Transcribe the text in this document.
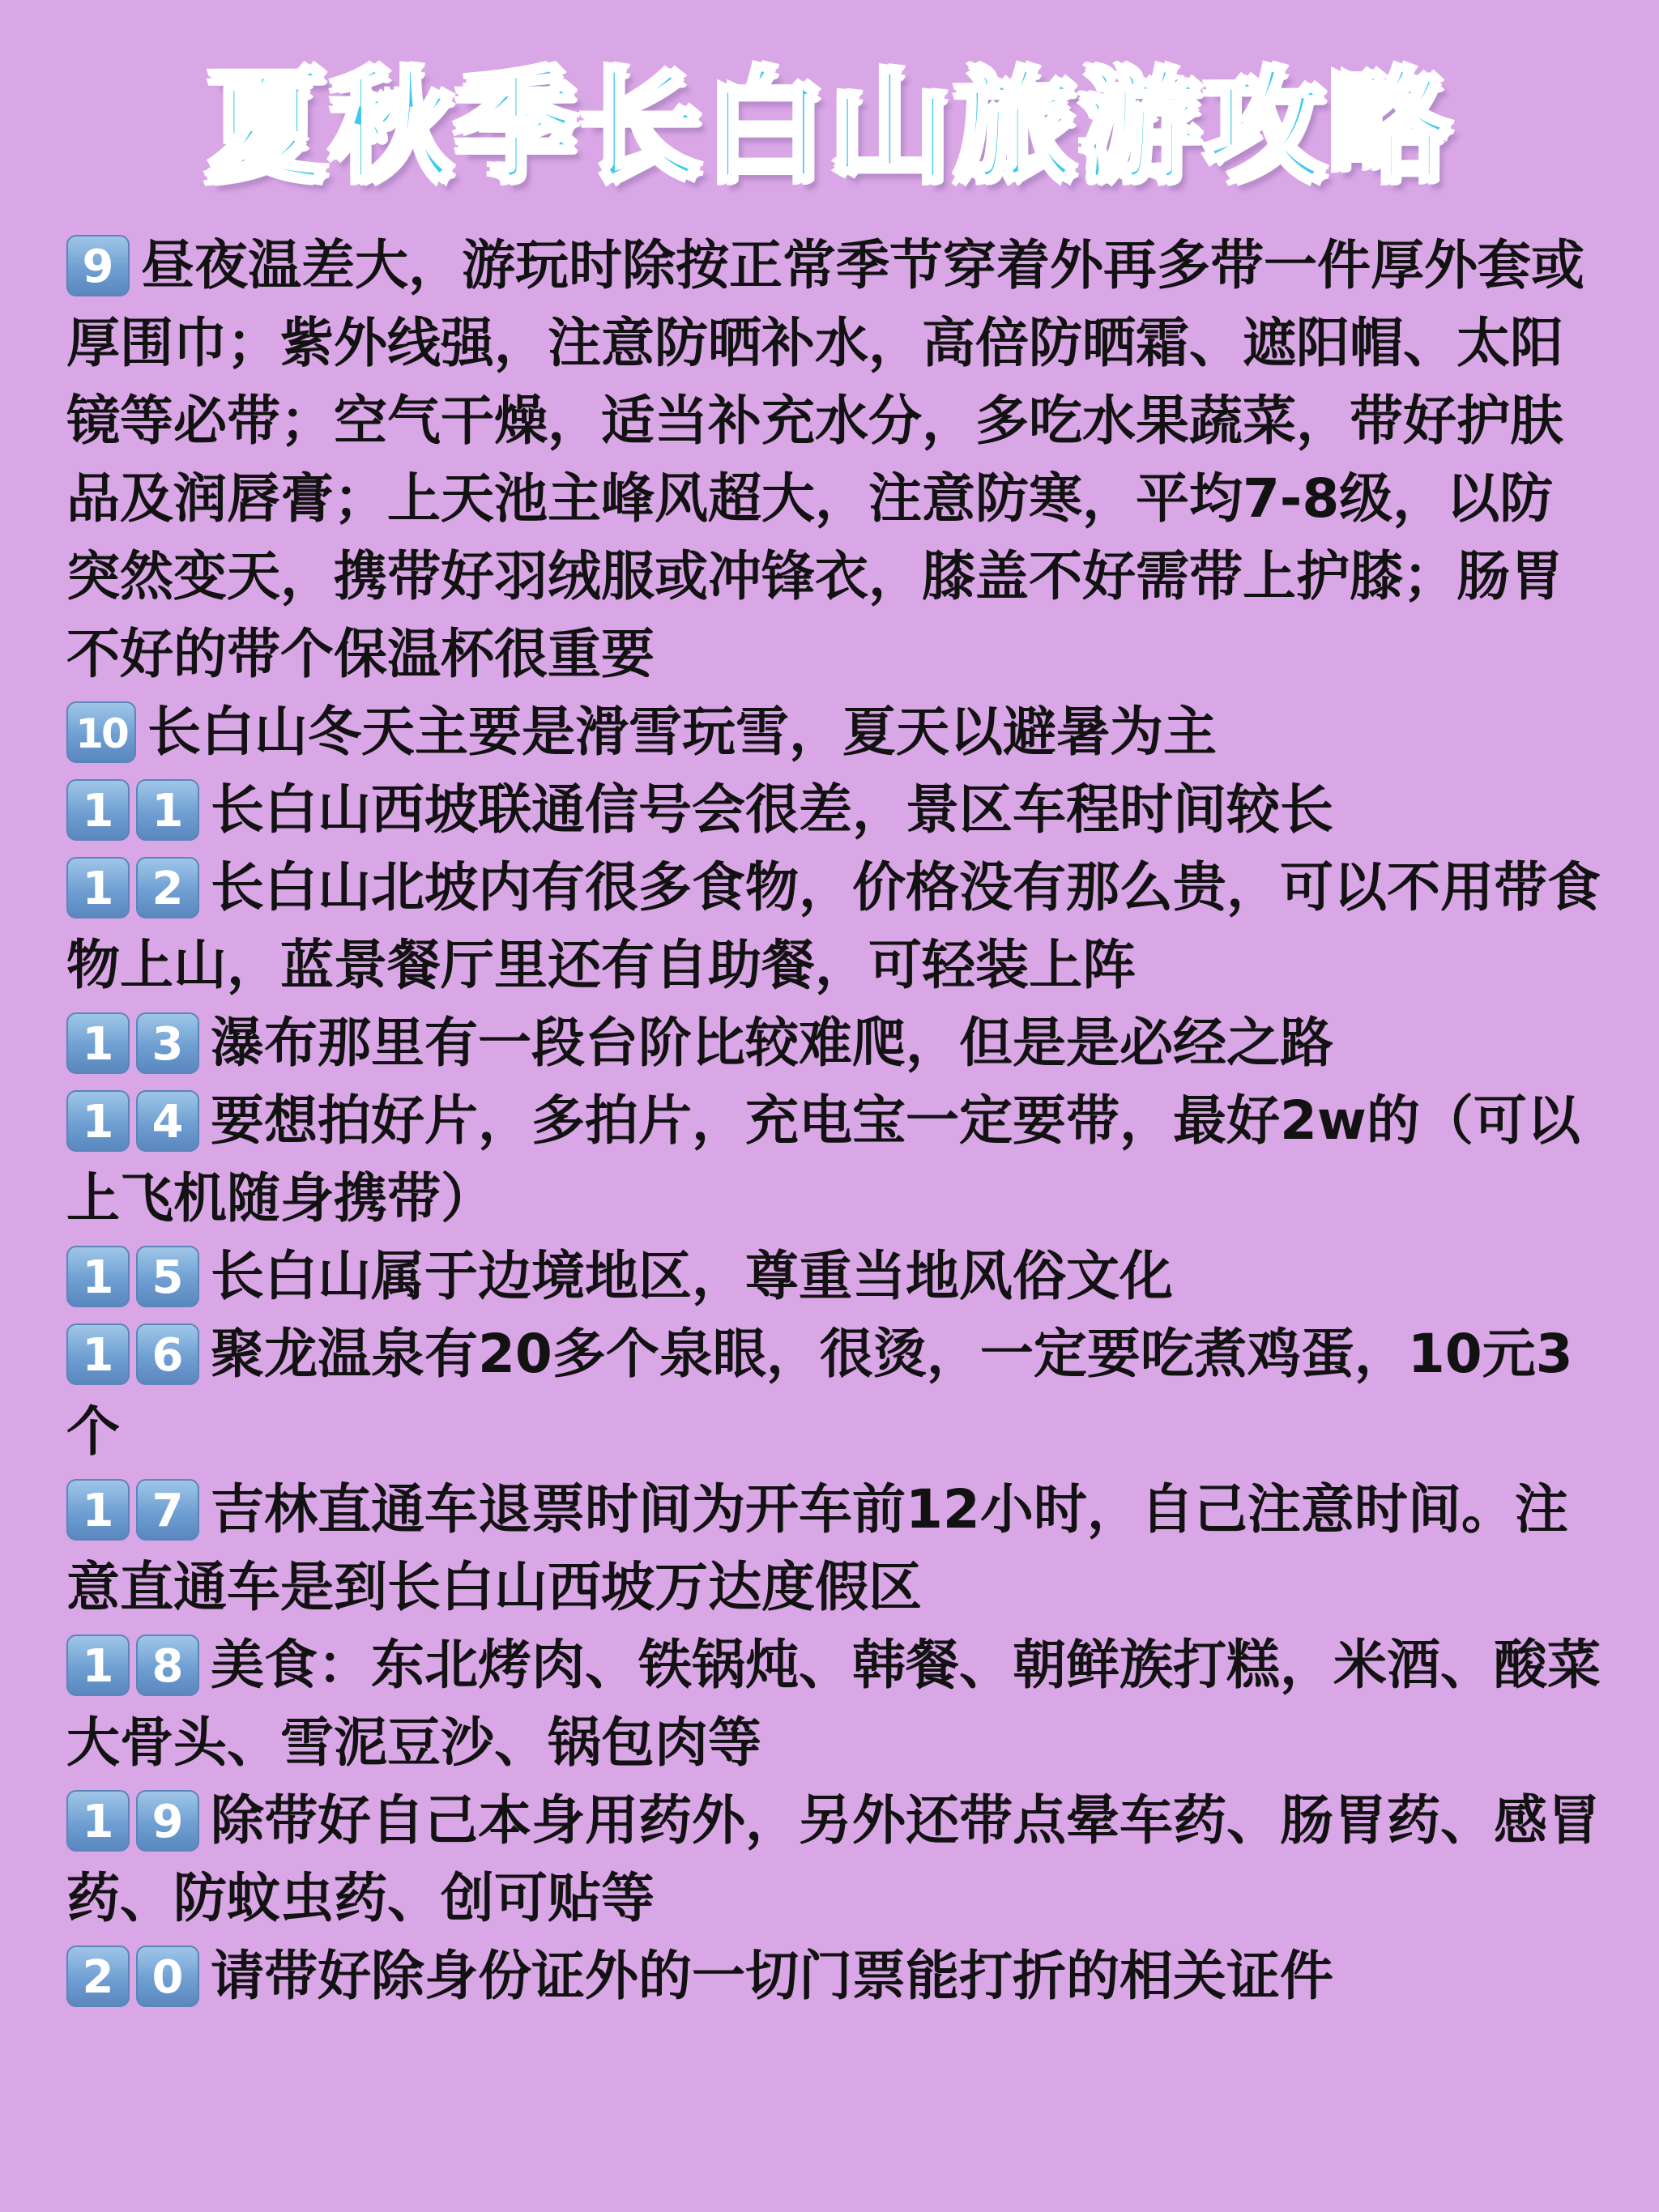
夏秋季长白山旅游攻略
9 昼夜温差大，游玩时除按正常季节穿着外再多带一件厚外套或厚围巾；紫外线强，注意防晒补水，高倍防晒霜、遮阳帽、太阳镜等必带；空气干燥，适当补充水分，多吃水果蔬菜，带好护肤品及润唇膏；上天池主峰风超大，注意防寒，平均7-8级，以防突然变天，携带好羽绒服或冲锋衣，膝盖不好需带上护膝；肠胃不好的带个保温杯很重要
10 长白山冬天主要是滑雪玩雪，夏天以避暑为主
1 1 长白山西坡联通信号会很差，景区车程时间较长
1 2 长白山北坡内有很多食物，价格没有那么贵，可以不用带食物上山，蓝景餐厅里还有自助餐，可轻装上阵
1 3 瀑布那里有一段台阶比较难爬，但是是必经之路
1 4 要想拍好片，多拍片，充电宝一定要带，最好2w的（可以上飞机随身携带）
1 5 长白山属于边境地区，尊重当地风俗文化
1 6 聚龙温泉有20多个泉眼，很烫，一定要吃煮鸡蛋，10元3个
1 7 吉林直通车退票时间为开车前12小时，自己注意时间。注意直通车是到长白山西坡万达度假区
1 8 美食：东北烤肉、铁锅炖、韩餐、朝鲜族打糕，米酒、酸菜大骨头、雪泥豆沙、锅包肉等
1 9 除带好自己本身用药外，另外还带点晕车药、肠胃药、感冒药、防蚊虫药、创可贴等
2 0 请带好除身份证外的一切门票能打折的相关证件
